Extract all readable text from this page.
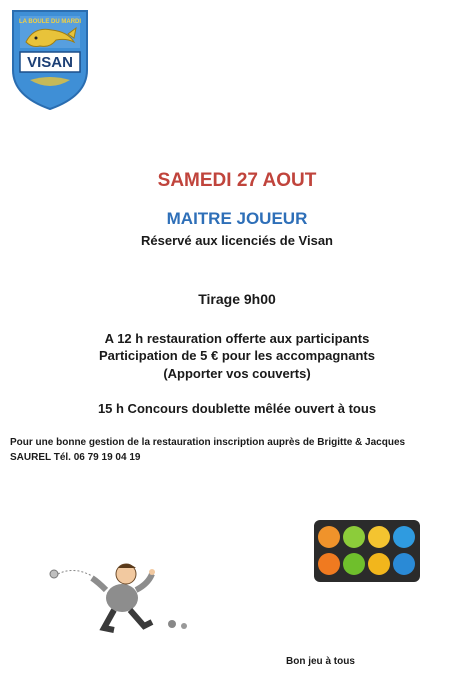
LA BOULE DU MARDI
VISAN
SAMEDI 27 AOUT
MAITRE JOUEUR
Réservé aux licenciés de Visan
Tirage 9h00
A 12 h restauration offerte aux participants
Participation de 5 € pour les accompagnants
(Apporter vos couverts)
15 h Concours doublette mêlée ouvert à tous
Pour une bonne gestion de la restauration inscription auprès de Brigitte & Jacques
SAUREL Tél. 06 79 19 04 19
Bon jeu à tous
